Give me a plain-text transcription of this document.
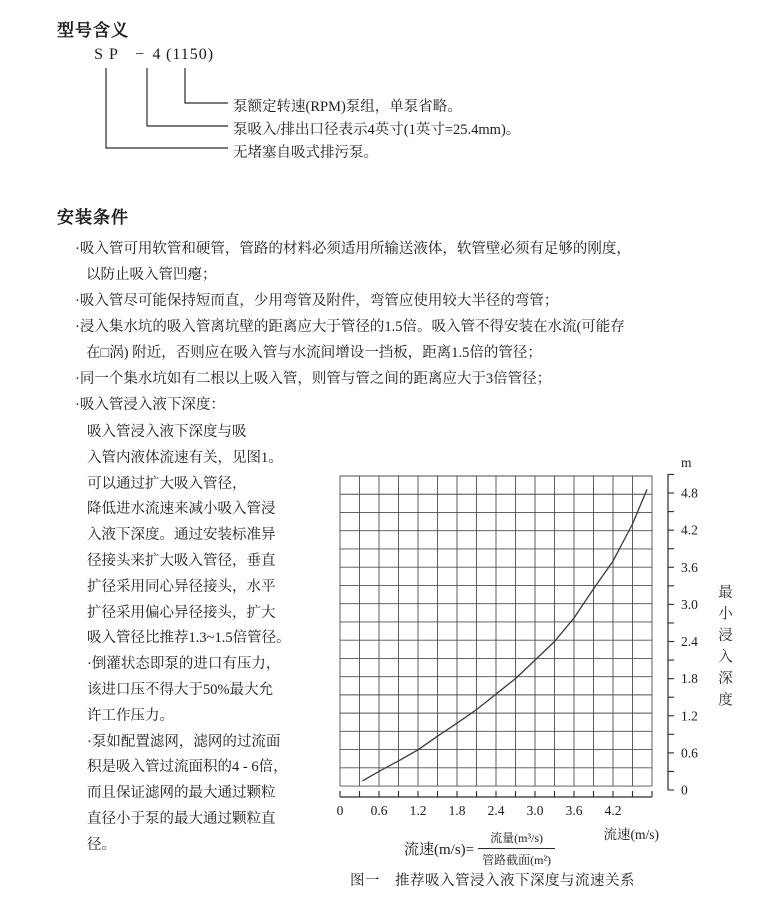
型号含义
S P − 4 (1150)
泵额定转速(RPM)泵组，单泵省略。
泵吸入/排出口径表示4英寸(1英寸=25.4mm)。
无堵塞自吸式排污泵。
安装条件
·吸入管可用软管和硬管，管路的材料必须适用所输送液体，软管壁必须有足够的刚度，
以防止吸入管凹瘪；
·吸入管尽可能保持短而直，少用弯管及附件，弯管应使用较大半径的弯管；
·浸入集水坑的吸入管离坑壁的距离应大于管径的1.5倍。吸入管不得安装在水流(可能存
在□涡) 附近，否则应在吸入管与水流间增设一挡板，距离1.5倍的管径；
·同一个集水坑如有二根以上吸入管，则管与管之间的距离应大于3倍管径；
·吸入管浸入液下深度：
吸入管浸入液下深度与吸
入管内液体流速有关，见图1。
可以通过扩大吸入管径，
降低进水流速来减小吸入管浸
入液下深度。通过安装标准异
径接头来扩大吸入管径，垂直
扩径采用同心异径接头，水平
扩径采用偏心异径接头，扩大
吸入管径比推荐1.3~1.5倍管径。
·倒灌状态即泵的进口有压力，
该进口压不得大于50%最大允
许工作压力。
·泵如配置滤网，滤网的过流面
积是吸入管过流面积的4 - 6倍，
而且保证滤网的最大通过颗粒
直径小于泵的最大通过颗粒直
径。
0 0.6 1.2 1.8 2.4 3.0 3.6 4.2
流速(m/s)
0
0.6
1.2
1.8
2.4
3.0
3.6
4.2
4.8
m
最小浸入深度
流速$(m/s)= \frac{\text{流量(m³/s)}}{\text{管路截面(m²)}}$
图一　推荐吸入管浸入液下深度与流速关系
